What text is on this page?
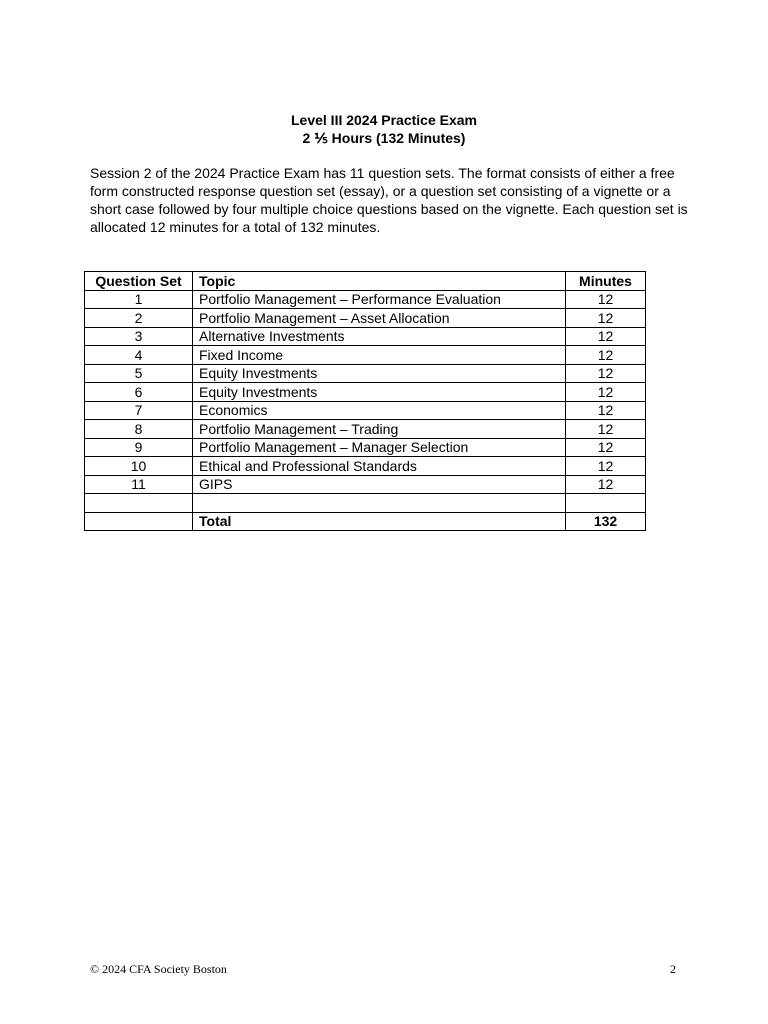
Level III 2024 Practice Exam
2 ⅕ Hours (132 Minutes)

Session 2 of the 2024 Practice Exam has 11 question sets. The format consists of either a free form constructed response question set (essay), or a question set consisting of a vignette or a short case followed by four multiple choice questions based on the vignette. Each question set is allocated 12 minutes for a total of 132 minutes.

Question Set	Topic	Minutes
1	Portfolio Management – Performance Evaluation	12
2	Portfolio Management – Asset Allocation	12
3	Alternative Investments	12
4	Fixed Income	12
5	Equity Investments	12
6	Equity Investments	12
7	Economics	12
8	Portfolio Management – Trading	12
9	Portfolio Management – Manager Selection	12
10	Ethical and Professional Standards	12
11	GIPS	12

	Total	132
© 2024 CFA Society Boston	2
